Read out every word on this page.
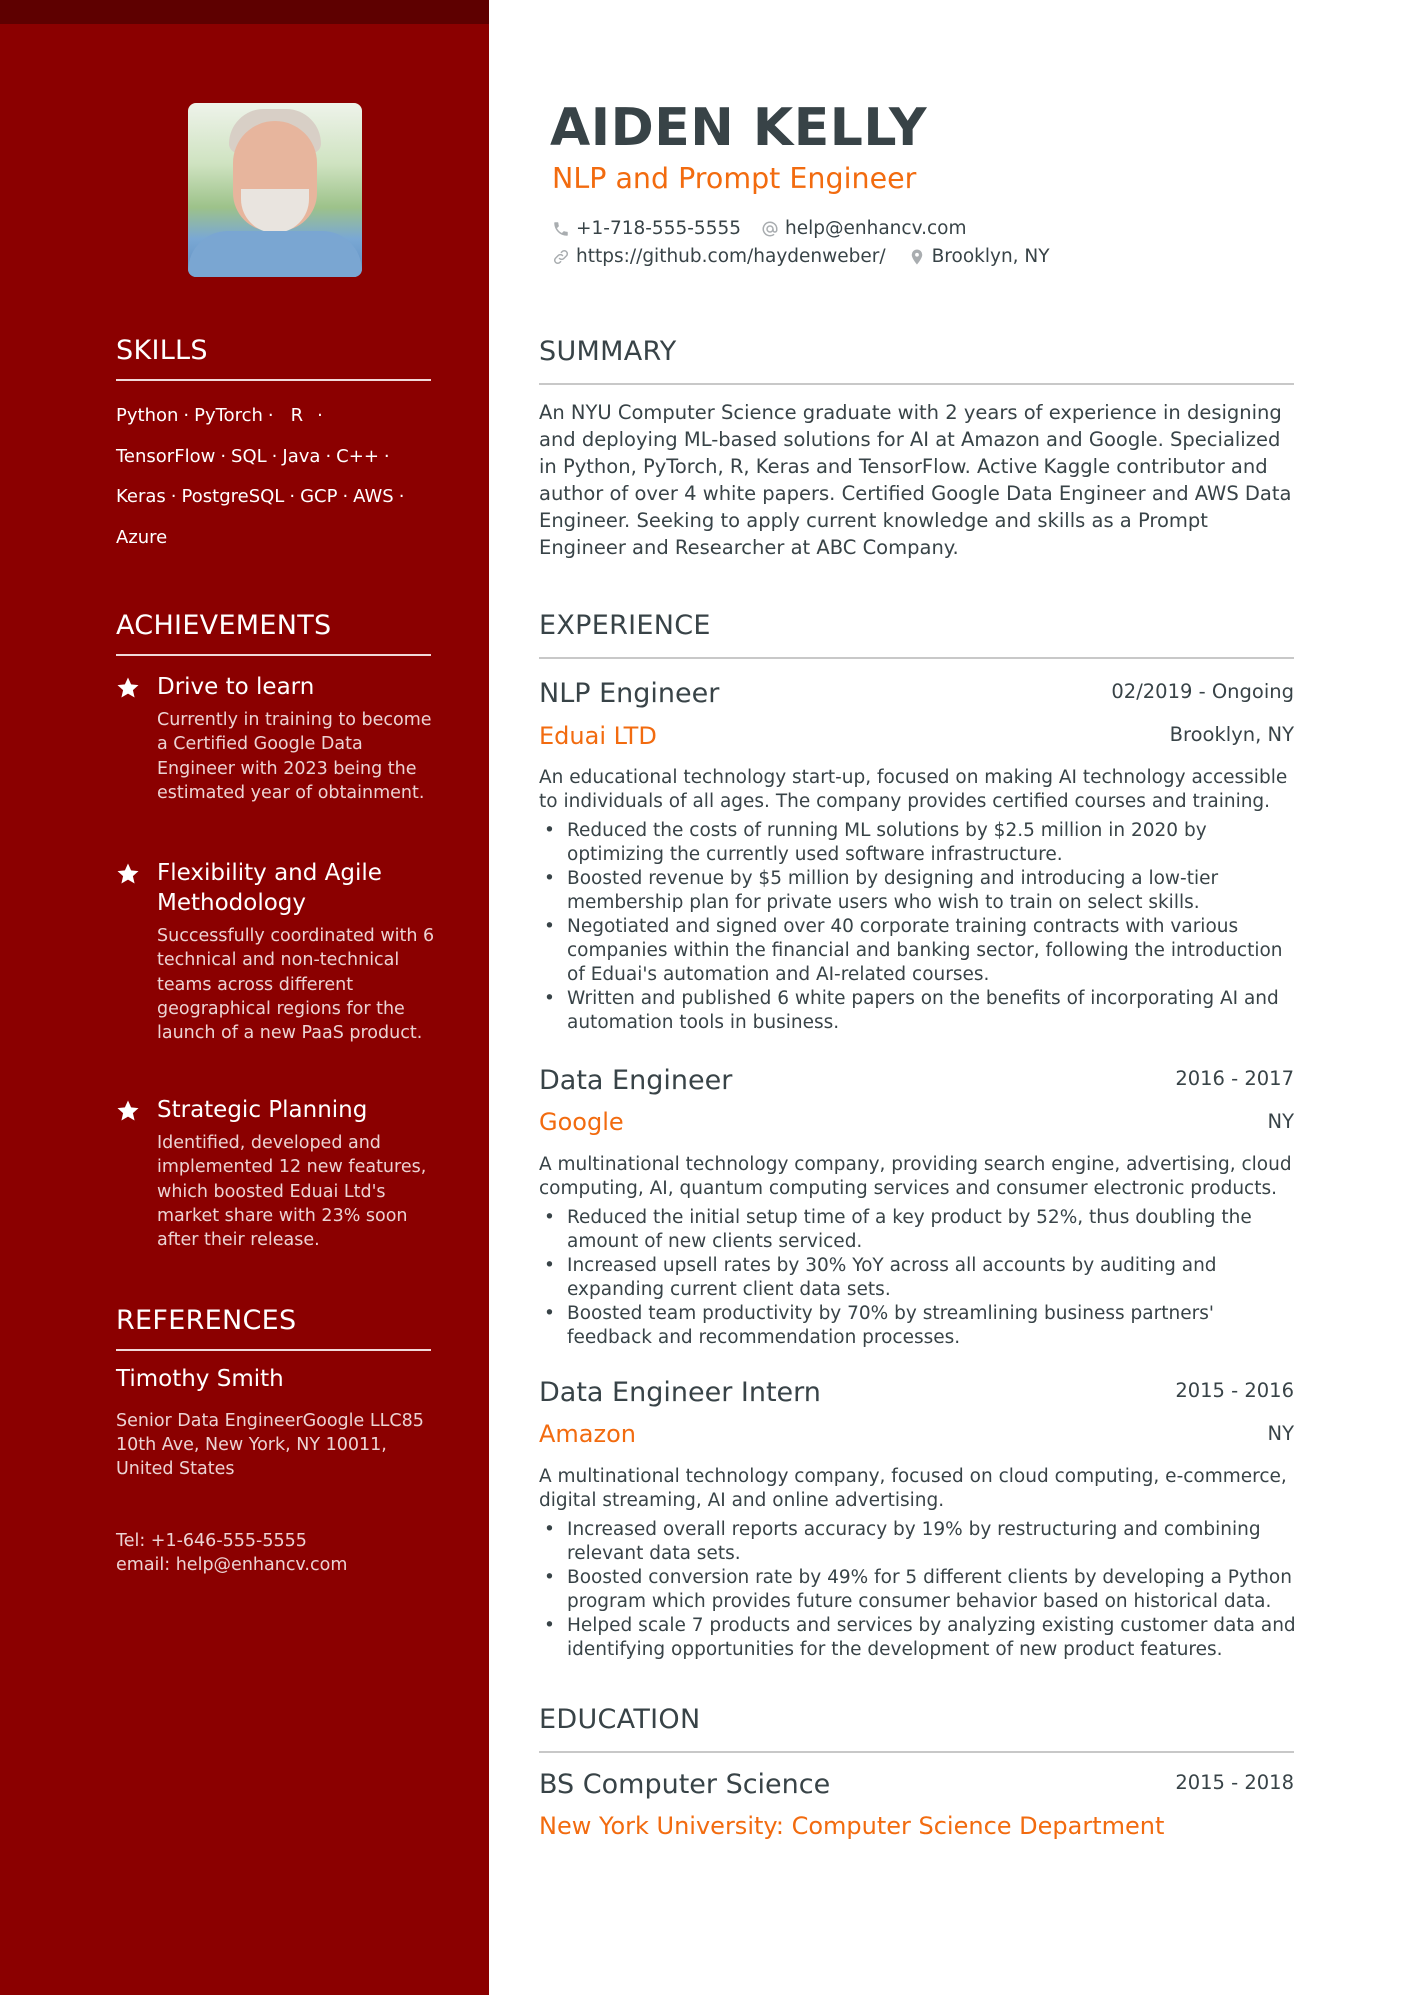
SKILLS
Python · PyTorch · R ·
TensorFlow · SQL · Java · C++ ·
Keras · PostgreSQL · GCP · AWS ·
Azure
ACHIEVEMENTS
Drive to learn
Currently in training to become a Certified Google Data Engineer with 2023 being the estimated year of obtainment.
Flexibility and Agile Methodology
Successfully coordinated with 6 technical and non-technical teams across different geographical regions for the launch of a new PaaS product.
Strategic Planning
Identified, developed and implemented 12 new features, which boosted Eduai Ltd's market share with 23% soon after their release.
REFERENCES
Timothy Smith
Senior Data EngineerGoogle LLC85 10th Ave, New York, NY 10011, United States
Tel: +1-646-555-5555
email: help@enhancv.com
AIDEN KELLY
NLP and Prompt Engineer
+1-718-555-5555 help@enhancv.com
https://github.com/haydenweber/ Brooklyn, NY
SUMMARY
An NYU Computer Science graduate with 2 years of experience in designing and deploying ML-based solutions for AI at Amazon and Google. Specialized in Python, PyTorch, R, Keras and TensorFlow. Active Kaggle contributor and author of over 4 white papers. Certified Google Data Engineer and AWS Data Engineer. Seeking to apply current knowledge and skills as a Prompt Engineer and Researcher at ABC Company.
EXPERIENCE
NLP Engineer	02/2019 - Ongoing
Eduai LTD	Brooklyn, NY
An educational technology start-up, focused on making AI technology accessible to individuals of all ages. The company provides certified courses and training.
• Reduced the costs of running ML solutions by $2.5 million in 2020 by optimizing the currently used software infrastructure.
• Boosted revenue by $5 million by designing and introducing a low-tier membership plan for private users who wish to train on select skills.
• Negotiated and signed over 40 corporate training contracts with various companies within the financial and banking sector, following the introduction of Eduai's automation and AI-related courses.
• Written and published 6 white papers on the benefits of incorporating AI and automation tools in business.
Data Engineer	2016 - 2017
Google	NY
A multinational technology company, providing search engine, advertising, cloud computing, AI, quantum computing services and consumer electronic products.
• Reduced the initial setup time of a key product by 52%, thus doubling the amount of new clients serviced.
• Increased upsell rates by 30% YoY across all accounts by auditing and expanding current client data sets.
• Boosted team productivity by 70% by streamlining business partners' feedback and recommendation processes.
Data Engineer Intern	2015 - 2016
Amazon	NY
A multinational technology company, focused on cloud computing, e-commerce, digital streaming, AI and online advertising.
• Increased overall reports accuracy by 19% by restructuring and combining relevant data sets.
• Boosted conversion rate by 49% for 5 different clients by developing a Python program which provides future consumer behavior based on historical data.
• Helped scale 7 products and services by analyzing existing customer data and identifying opportunities for the development of new product features.
EDUCATION
BS Computer Science	2015 - 2018
New York University: Computer Science Department
